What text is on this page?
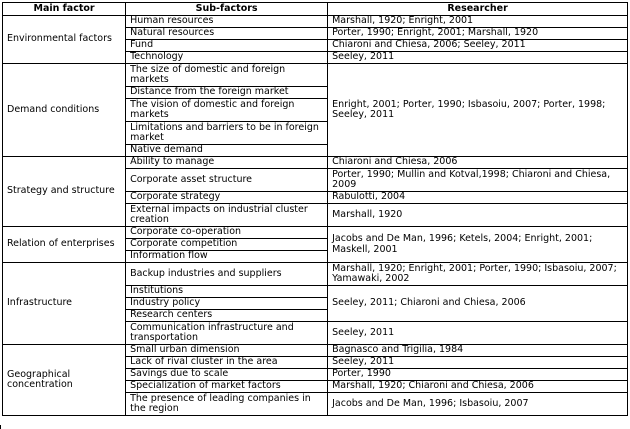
Main factor	Sub-factors	Researcher
Environmental factors	Human resources	Marshall, 1920; Enright, 2001
	Natural resources	Porter, 1990; Enright, 2001; Marshall, 1920
	Fund	Chiaroni and Chiesa, 2006; Seeley, 2011
	Technology	Seeley, 2011
Demand conditions	The size of domestic and foreign markets	Enright, 2001; Porter, 1990; Isbasoiu, 2007; Porter, 1998; Seeley, 2011
	Distance from the foreign market	
	The vision of domestic and foreign markets	
	Limitations and barriers to be in foreign market	
	Native demand	
Strategy and structure	Ability to manage	Chiaroni and Chiesa, 2006
	Corporate asset structure	Porter, 1990; Mullin and Kotval,1998; Chiaroni and Chiesa, 2009
	Corporate strategy	Rabulotti, 2004
	External impacts on industrial cluster creation	Marshall, 1920
Relation of enterprises	Corporate co-operation	Jacobs and De Man, 1996; Ketels, 2004; Enright, 2001; Maskell, 2001
	Corporate competition	
	Information flow	
Infrastructure	Backup industries and suppliers	Marshall, 1920; Enright, 2001; Porter, 1990; Isbasoiu, 2007; Yamawaki, 2002
	Institutions	Seeley, 2011; Chiaroni and Chiesa, 2006
	Industry policy	
	Research centers	
	Communication infrastructure and transportation	Seeley, 2011
Geographical concentration	Small urban dimension	Bagnasco and Trigilia, 1984
	Lack of rival cluster in the area	Seeley, 2011
	Savings due to scale	Porter, 1990
	Specialization of market factors	Marshall, 1920; Chiaroni and Chiesa, 2006
	The presence of leading companies in the region	Jacobs and De Man, 1996; Isbasoiu, 2007
